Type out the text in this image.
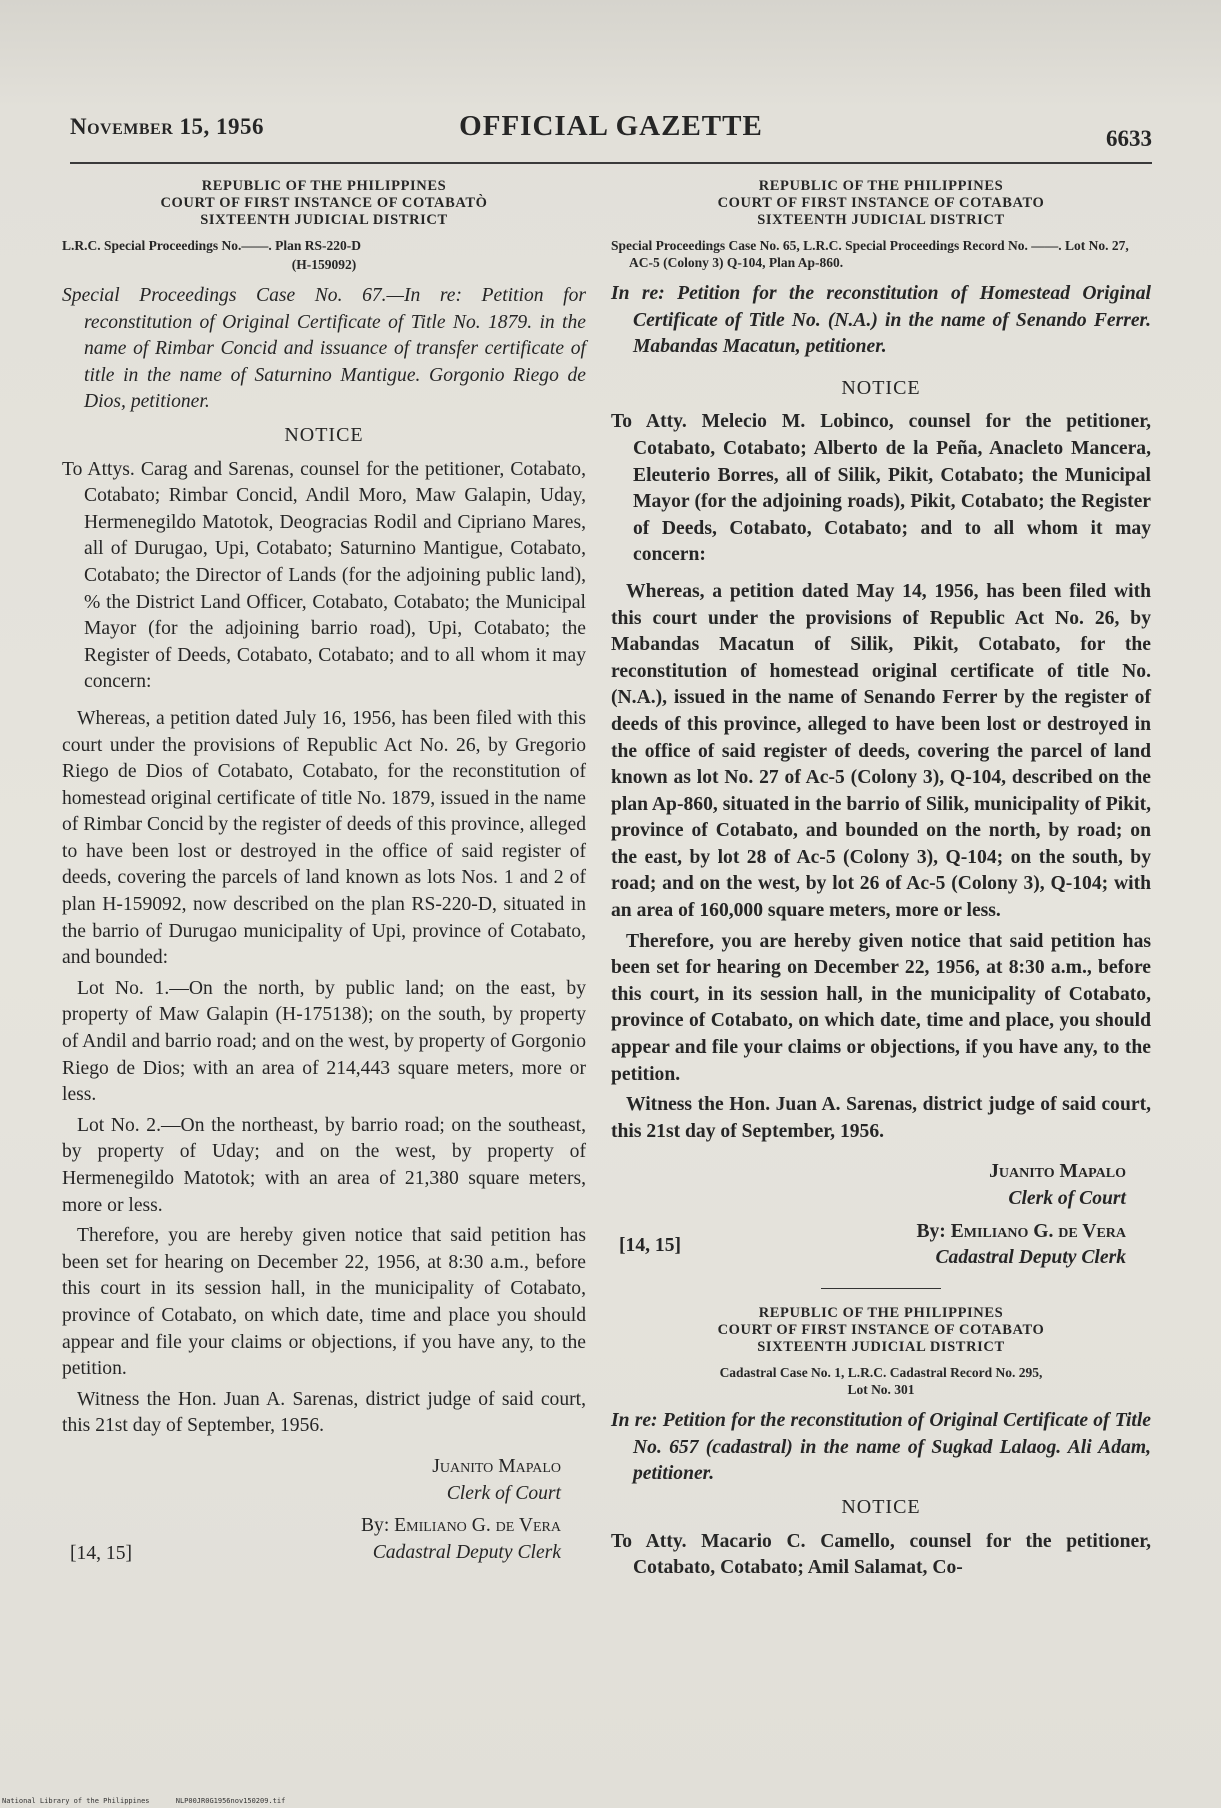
November 15, 1956	OFFICIAL GAZETTE	6633

REPUBLIC OF THE PHILIPPINES

COURT OF FIRST INSTANCE OF COTABATÒ

SIXTEENTH JUDICIAL DISTRICT

L.R.C. Special Proceedings No.——. Plan RS-220-D

(H-159092)

Special Proceedings Case No. 67.—In re: Petition for reconstitution of Original Certificate of Title No. 1879. in the name of Rimbar Concid and issuance of transfer certificate of title in the name of Saturnino Mantigue. Gorgonio Riego de Dios, petitioner.

NOTICE

To Attys. Carag and Sarenas, counsel for the petitioner, Cotabato, Cotabato; Rimbar Concid, Andil Moro, Maw Galapin, Uday, Hermenegildo Matotok, Deogracias Rodil and Cipriano Mares, all of Durugao, Upi, Cotabato; Saturnino Mantigue, Cotabato, Cotabato; the Director of Lands (for the adjoining public land), % the District Land Officer, Cotabato, Cotabato; the Municipal Mayor (for the adjoining barrio road), Upi, Cotabato; the Register of Deeds, Cotabato, Cotabato; and to all whom it may concern:

Whereas, a petition dated July 16, 1956, has been filed with this court under the provisions of Republic Act No. 26, by Gregorio Riego de Dios of Cotabato, Cotabato, for the reconstitution of homestead original certificate of title No. 1879, issued in the name of Rimbar Concid by the register of deeds of this province, alleged to have been lost or destroyed in the office of said register of deeds, covering the parcels of land known as lots Nos. 1 and 2 of plan H-159092, now described on the plan RS-220-D, situated in the barrio of Durugao municipality of Upi, province of Cotabato, and bounded:

Lot No. 1.—On the north, by public land; on the east, by property of Maw Galapin (H-175138); on the south, by property of Andil and barrio road; and on the west, by property of Gorgonio Riego de Dios; with an area of 214,443 square meters, more or less.

Lot No. 2.—On the northeast, by barrio road; on the southeast, by property of Uday; and on the west, by property of Hermenegildo Matotok; with an area of 21,380 square meters, more or less.

Therefore, you are hereby given notice that said petition has been set for hearing on December 22, 1956, at 8:30 a.m., before this court in its session hall, in the municipality of Cotabato, province of Cotabato, on which date, time and place you should appear and file your claims or objections, if you have any, to the petition.

Witness the Hon. Juan A. Sarenas, district judge of said court, this 21st day of September, 1956.

Juanito Mapalo
Clerk of Court
By: Emiliano G. de Vera
Cadastral Deputy Clerk
[14, 15]

REPUBLIC OF THE PHILIPPINES

COURT OF FIRST INSTANCE OF COTABATO

SIXTEENTH JUDICIAL DISTRICT

Special Proceedings Case No. 65, L.R.C. Special Proceedings Record No. ——. Lot No. 27, AC-5 (Colony 3) Q-104, Plan Ap-860.

In re: Petition for the reconstitution of Homestead Original Certificate of Title No. (N.A.) in the name of Senando Ferrer. Mabandas Macatun, petitioner.

NOTICE

To Atty. Melecio M. Lobinco, counsel for the petitioner, Cotabato, Cotabato; Alberto de la Peña, Anacleto Mancera, Eleuterio Borres, all of Silik, Pikit, Cotabato; the Municipal Mayor (for the adjoining roads), Pikit, Cotabato; the Register of Deeds, Cotabato, Cotabato; and to all whom it may concern:

Whereas, a petition dated May 14, 1956, has been filed with this court under the provisions of Republic Act No. 26, by Mabandas Macatun of Silik, Pikit, Cotabato, for the reconstitution of homestead original certificate of title No. (N.A.), issued in the name of Senando Ferrer by the register of deeds of this province, alleged to have been lost or destroyed in the office of said register of deeds, covering the parcel of land known as lot No. 27 of Ac-5 (Colony 3), Q-104, described on the plan Ap-860, situated in the barrio of Silik, municipality of Pikit, province of Cotabato, and bounded on the north, by road; on the east, by lot 28 of Ac-5 (Colony 3), Q-104; on the south, by road; and on the west, by lot 26 of Ac-5 (Colony 3), Q-104; with an area of 160,000 square meters, more or less.

Therefore, you are hereby given notice that said petition has been set for hearing on December 22, 1956, at 8:30 a.m., before this court, in its session hall, in the municipality of Cotabato, province of Cotabato, on which date, time and place, you should appear and file your claims or objections, if you have any, to the petition.

Witness the Hon. Juan A. Sarenas, district judge of said court, this 21st day of September, 1956.

Juanito Mapalo
Clerk of Court
By: Emiliano G. de Vera
Cadastral Deputy Clerk
[14, 15]

REPUBLIC OF THE PHILIPPINES

COURT OF FIRST INSTANCE OF COTABATO

SIXTEENTH JUDICIAL DISTRICT

Cadastral Case No. 1, L.R.C. Cadastral Record No. 295,

Lot No. 301

In re: Petition for the reconstitution of Original Certificate of Title No. 657 (cadastral) in the name of Sugkad Lalaog. Ali Adam, petitioner.

NOTICE

To Atty. Macario C. Camello, counsel for the petitioner, Cotabato, Cotabato; Amil Salamat, Co-

National Library of the Philippines	NLP00JR0G1956nov150209.tif
